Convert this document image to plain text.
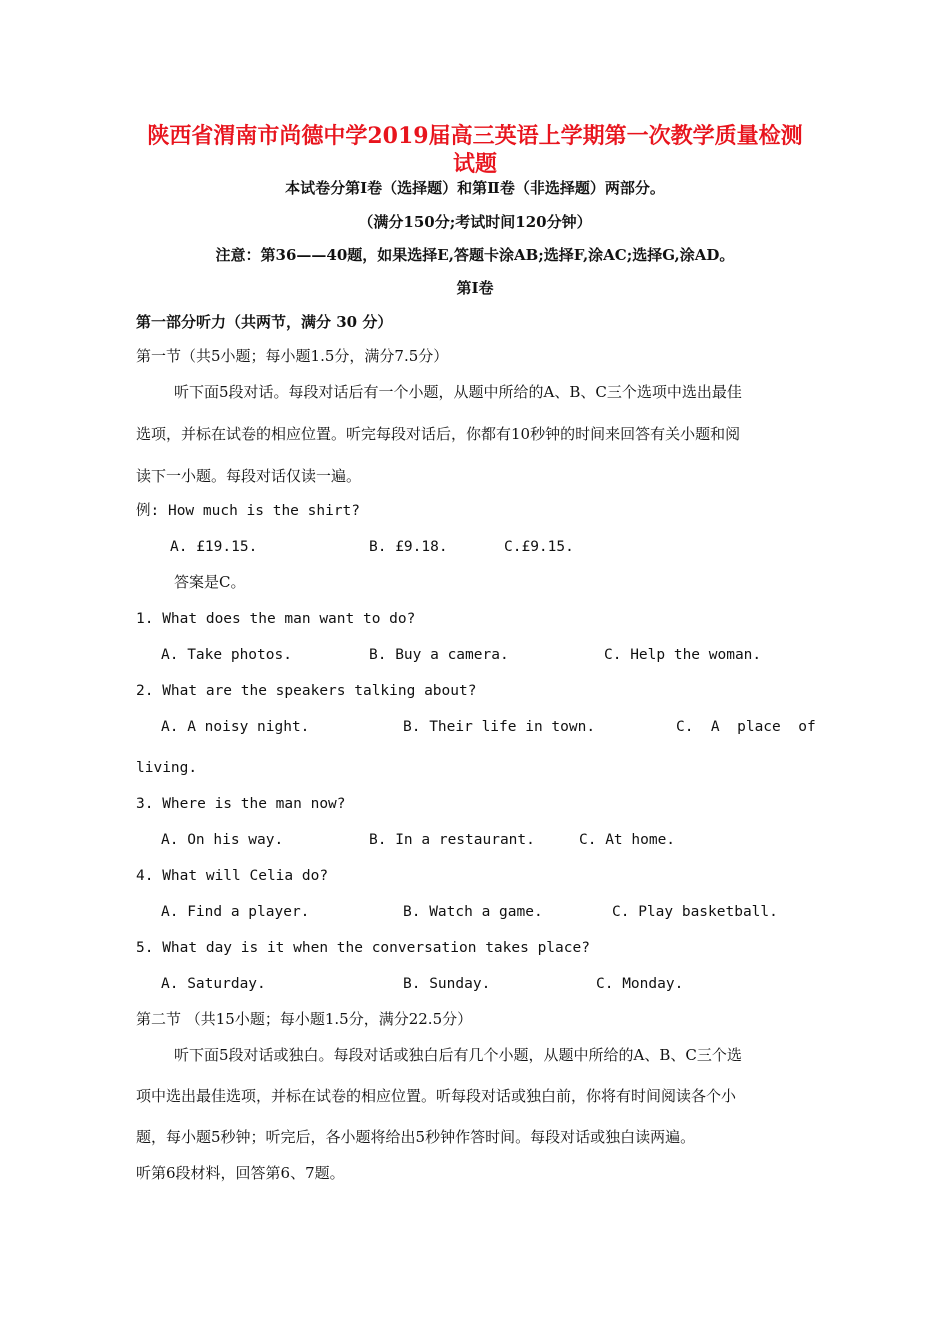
陕西省渭南市尚德中学2019届高三英语上学期第一次教学质量检测
试题
本试卷分第Ⅰ卷（选择题）和第Ⅱ卷（非选择题）两部分。
（满分150分;考试时间120分钟）
注意：第36——40题，如果选择E,答题卡涂AB;选择F,涂AC;选择G,涂AD。
第Ⅰ卷
第一部分听力（共两节，满分 30 分）
第一节（共5小题；每小题1.5分，满分7.5分）
听下面5段对话。每段对话后有一个小题，从题中所给的A、B、C三个选项中选出最佳
选项，并标在试卷的相应位置。听完每段对话后，你都有10秒钟的时间来回答有关小题和阅
读下一小题。每段对话仅读一遍。
例: How much is the shirt?
A. £19.15.	B. £9.18.	C.£9.15.
答案是C。
1. What does the man want to do?
A. Take photos.	B. Buy a camera.	C. Help the woman.
2. What are the speakers talking about?
A. A noisy night.	B. Their life in town.	C.  A  place  of
living.
3. Where is the man now?
A. On his way.	B. In a restaurant.	C. At home.
4. What will Celia do?
A. Find a player.	B. Watch a game.	C. Play basketball.
5. What day is it when the conversation takes place?
A. Saturday.	B. Sunday.	C. Monday.
第二节 （共15小题；每小题1.5分，满分22.5分）
听下面5段对话或独白。每段对话或独白后有几个小题，从题中所给的A、B、C三个选
项中选出最佳选项，并标在试卷的相应位置。听每段对话或独白前，你将有时间阅读各个小
题，每小题5秒钟；听完后，各小题将给出5秒钟作答时间。每段对话或独白读两遍。
听第6段材料，回答第6、7题。
